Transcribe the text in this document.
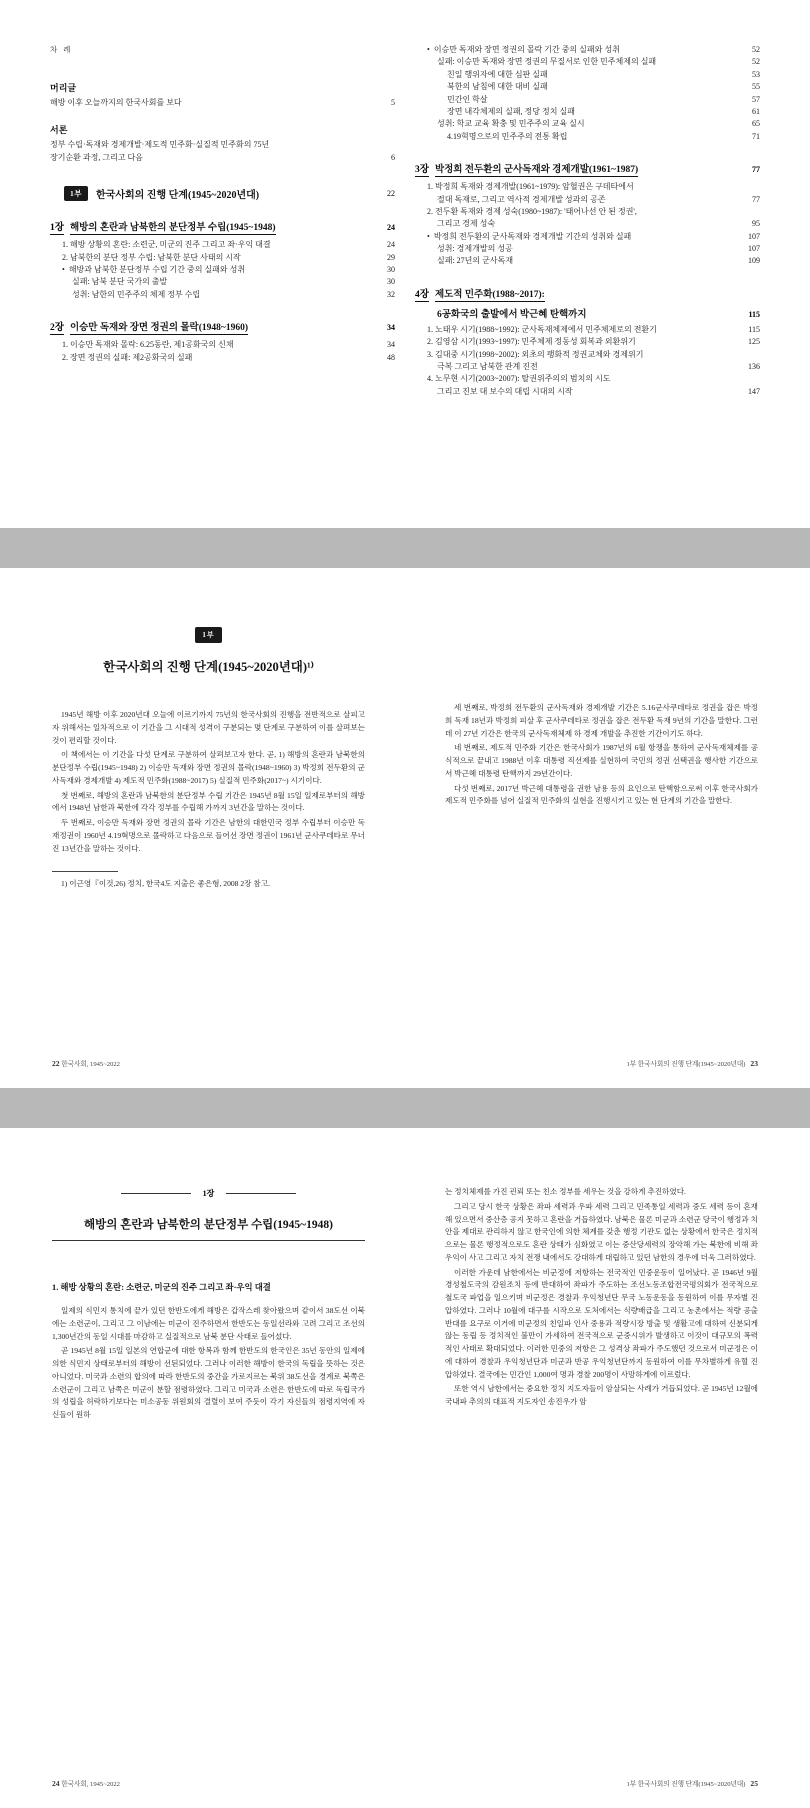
차 례
머리글
해방 이후 오늘까지의 한국사회를 보다	5
서론
정부 수립·독재와 경제개발·제도적 민주화·실질적 민주화의 75년
장기순환 과정, 그리고 다음	6
1부	한국사회의 진행 단계(1945~2020년대)	22
1장 해방의 혼란과 남북한의 분단정부 수립(1945~1948)	24
1. 해방 상황의 혼란: 소련군, 미군의 진주 그리고 좌·우익 대결	24
2. 남북한의 분단 정부 수립: 남북한 분단 사태의 시작	29
• 해방과 남북한 분단정부 수립 기간 중의 실패와 성취	30
실패: 남북 분단 국가의 출발	30
성취: 남한의 민주주의 체제 정부 수립	32
2장 이승만 독재와 장면 정권의 몰락(1948~1960)	34
1. 이승만 독재와 몰락: 6.25동란, 제1공화국의 신채	34
2. 장면 정권의 실패: 제2공화국의 실패	48
• 이승만 독재와 장면 정권의 몰락 기간 중의 실패와 성취	52
실패: 이승만 독재와 장면 정권의 무질서로 인한 민주체제의 실패	52
친일 행위자에 대한 심판 실패	53
북한의 남침에 대한 대비 실패	55
민간인 학살	57
장면 내각체제의 실패, 정당 정치 실패	61
성취: 학교 교육 확충 및 민주주의 교육 실시	65
4.19혁명으로의 민주주의 전통 확립	71
3장 박정희 전두환의 군사독재와 경제개발(1961~1987)	77
1. 박정희 독재와 경제개발(1961~1979): 암혈권은 구데타에서
절대 독재로, 그리고 역사적 경제개발 성과의 공존	77
2. 전두환 독재와 경제 성숙(1980~1987): '태어나선 안 된 정권',
그리고 경제 성숙	95
• 박정희 전두환의 군사독재와 경제개발 기간의 성취와 실패	107
성취: 경제개발의 성공	107
실패: 27년의 군사독재	109
4장 제도적 민주화(1988~2017):
6공화국의 출발에서 박근혜 탄핵까지	115
1. 노태우 시기(1988~1992): 군사독재체제에서 민주체제로의 전환기	115
2. 김영삼 시기(1993~1997): 민주체제 정동성 회복과 외환위기	125
3. 김대중 시기(1998~2002): 외초의 팽화적 정권교체와 경제위기
극복 그리고 남북한 관계 진전	136
4. 노무현 시기(2003~2007): 탈권위주의의 범치의 시도
그리고 진보 대 보수의 대립 시대의 시작	147
1부
한국사회의 진행 단계(1945~2020년대)¹⁾

1945년 해방 이후 2020년대 오늘에 이르기까지 75년의 한국사회의 진행을 전반적으로 살피고자 위해서는 일차적으로 이 기간을 그 시대적 성격이 구분되는 몇 단계로 구분하여 이를 살펴보는 것이 편리할 것이다.

이 책에서는 이 기간을 다섯 단계로 구분하여 살펴보고자 한다. 곧, 1) 해방의 혼란과 남북한의 분단정부 수립(1945~1948) 2) 이승만 독재와 장면 정권의 몰락(1948~1960) 3) 박정희 전두환의 군사독재와 경제개발 4) 제도적 민주화(1988~2017) 5) 실질적 민주화(2017~) 시기이다.

첫 번째로, 해방의 혼란과 남북한의 분단정부 수립 기간은 1945년 8월 15일 일제로부터의 해방에서 1948년 남한과 북한에 각각 정부를 수립해 가까지 3년간을 말하는 것이다.

두 번째로, 이승만 독재와 장면 정권의 몰락 기간은 남한의 대한민국 정부 수립부터 이승만 독재정권이 1960년 4.19혁명으로 몰락하고 다음으로 들어선 장면 정권이 1961년 군사쿠데타로 무너진 13년간을 말하는 것이다.

1) 이근영『이것,26) 정치, 한국4도 지출은 좋은형, 2008 2장 참고.

22 한국사회, 1945~2022

세 번째로, 박정희 전두환의 군사독재와 경제개발 기간은 5.16군사쿠데타로 정권을 잡은 박정희 독재 18년과 박정희 피살 후 군사쿠데타로 정권을 잡은 전두환 독재 9년의 기간을 말한다. 그런데 이 27년 기간은 한국의 군사독재체제 하 경제 개발을 추진한 기간이기도 하다.

네 번째로, 제도적 민주화 기간은 한국사회가 1987년의 6월 항쟁을 통하여 군사독재체제를 공식적으로 끝내고 1988년 이후 대통령 직선제를 실현하여 국민의 정권 선택권을 행사한 기간으로서 박근혜 대통령 탄핵까지 29년간이다.

다섯 번째로, 2017년 박근혜 대통령을 권한 남용 등의 요인으로 탄핵함으로써 이후 한국사회가 제도적 민주화를 넘어 실질적 민주화의 실현을 진행시키고 있는 현 단계의 기간을 말한다.

1부 한국사회의 진행 단계(1945~2020년대) 23
1장
해방의 혼란과 남북한의 분단정부 수립(1945~1948)
1. 해방 상황의 혼란: 소련군, 미군의 진주 그리고 좌·우익 대결

일제의 식민지 통치에 끝가 있던 한반도에게 해방은 갑작스레 찾아왔으며 같이서 38도선 이북에는 소련군이, 그리고 그 이남에는 미군이 진주하면서 한반도는 동일선라와 고려 그리고 조선의 1,300년간의 동일 시대를 마감하고 실질적으로 남북 분단 사태로 들어섰다.

곧 1945년 8월 15일 일본의 연합군에 대한 항복과 함께 한반도의 한국인은 35년 동안의 일제에 의한 식민지 상태로부터의 해방이 선된되었다. 그러나 이러한 해방이 한국의 독립을 뜻하는 것은 아니었다. 미국과 소련의 합의에 따라 한반도의 중간을 가로지르는 북위 38도선을 경계로 북쪽은 소련군이 그리고 남쪽은 미군이 분할 점령하였다. 그리고 미국과 소련은 한반도에 따로 독립국가의 성립을 허락하기보다는 미소공동 위원회의 결렬이 보여 주듯이 각기 자신들의 점령지역에 자신들이 원하

24 한국사회, 1945~2022

는 정치체제를 가진 괸뢰 또는 친소 정부를 세우는 것을 강하게 추진하였다.

그리고 당시 한국 상황은 좌파 세력과 우파 세력 그리고 민족통일 세력과 중도 세력 등이 혼재해 있으면서 중산층 공지 못하고 혼란을 거듭하였다. 남북은 물론 미군과 소련군 당국이 행정과 치안을 제대로 관리하지 않고 한국인에 의한 체계를 갖춘 행정 기관도 없는 상황에서 한국은 정치적으로는 물론 행정적으로도 혼란 상태가 심화였고 이는 중산당세력의 장악해 가는 북한에 비해 좌우익이 사고 그리고 자치 전쟁 내에서도 강대하게 대립하고 있던 남한의 경우에 더욱 그러하였다.

이러한 가운데 남한에서는 비군정에 저항하는 전국적인 민중운동이 일어났다. 곧 1946년 9월 경성철도국의 감원조치 등에 반대하여 좌파가 주도하는 조선노동조합전국평의회가 전국적으로 철도국 파업을 일으키며 비군정은 경찰과 우익청년단 무국 노동운동을 동원하여 이를 무자별 진압하였다. 그러나 10월에 대구를 시작으로 도처에서는 식량배급을 그리고 농촌에서는 적량 공출 반대를 요구로 이거에 미군정의 친일파 인사 중용과 적량시장 방출 및 생활고에 대하여 신분되게 않는 동립 등 정치적인 불만이 가세하여 전국적으로 군중시위가 발생하고 이것이 대규모의 폭력적인 사태로 확대되었다. 이러한 민중의 저항은 그 성격상 좌파가 주도했던 것으로서 미군정은 이에 대하여 경찰과 우익청년단과 미군과 반공 우익청년단까지 동원하여 이를 무차별하게 유혈 진압하였다. 결국에는 민간인 1,000여 명과 경찰 200명이 사망하게에 이르렀다.

또한 역시 남한에서는 중요한 정치 지도자들이 암살되는 사례가 거듭되었다. 곧 1945년 12월에 국내파 추의의 대표적 지도자인 송진우가 암

1부 한국사회의 진행 단계(1945~2020년대) 25
